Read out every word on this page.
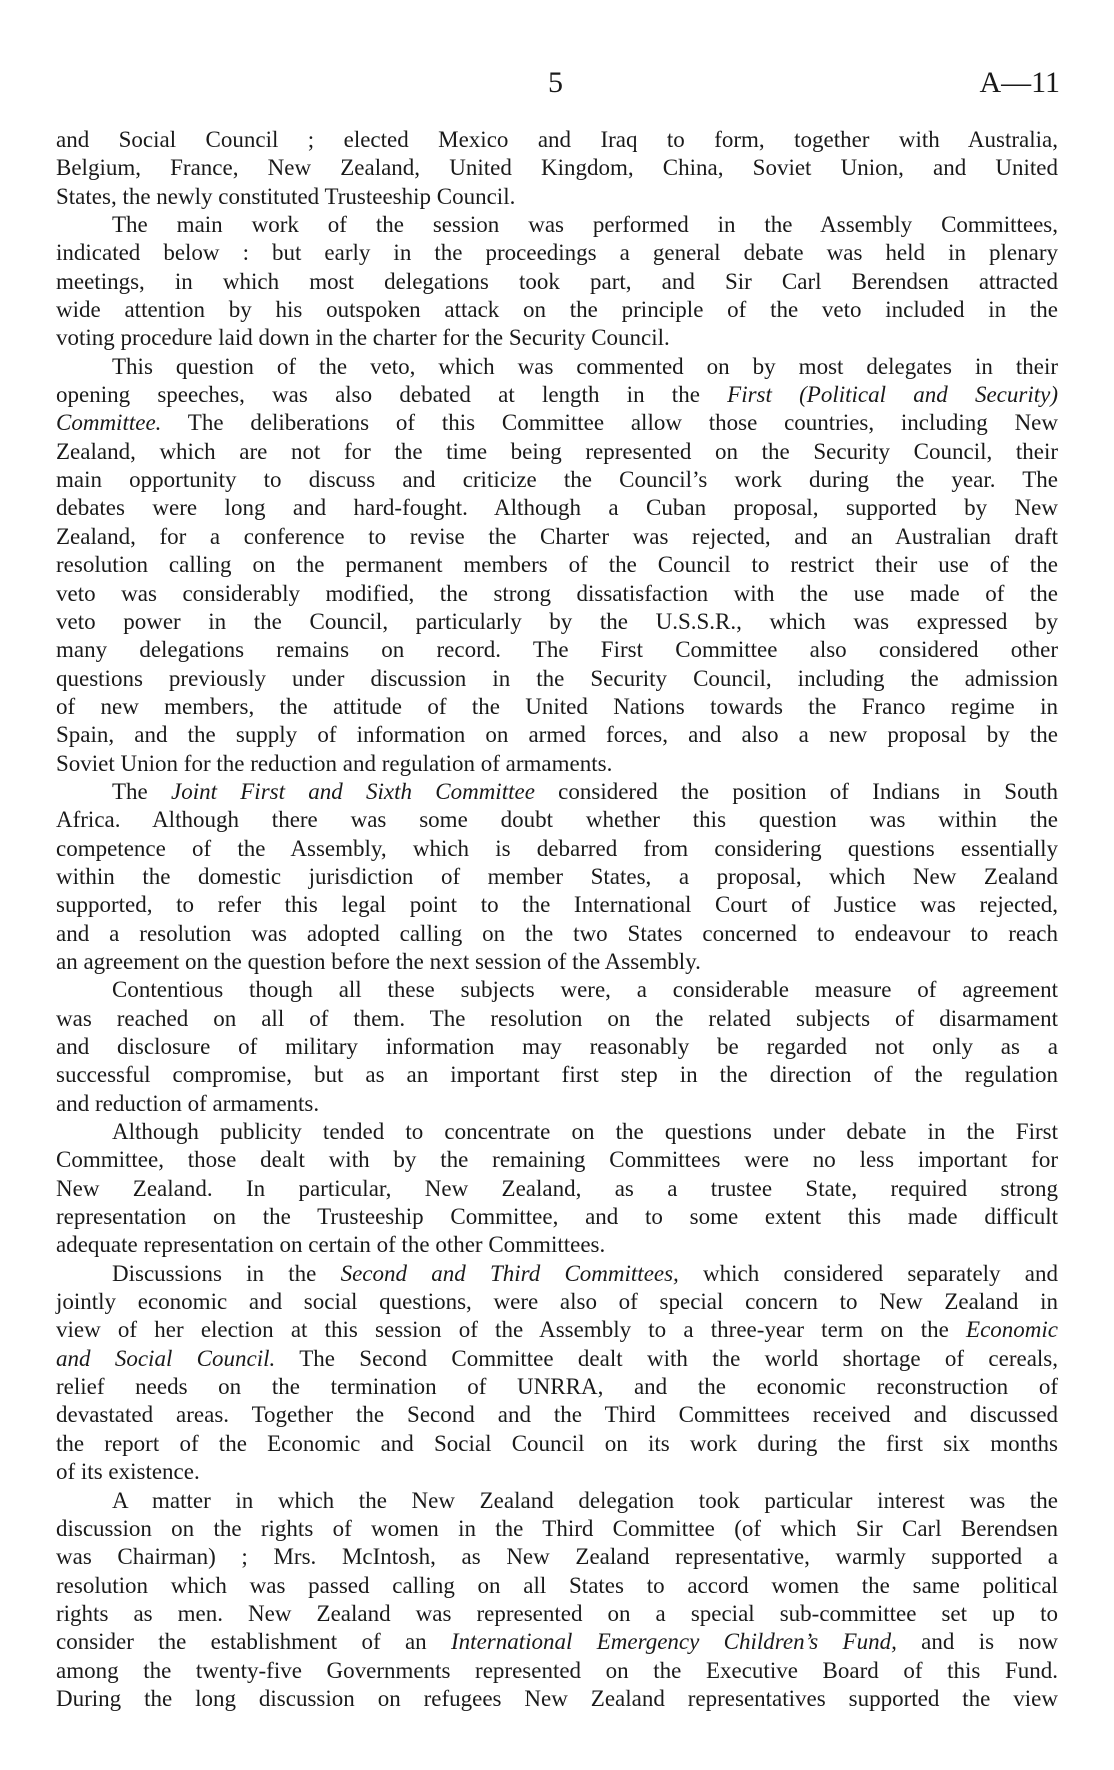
5	A—11
and Social Council ; elected Mexico and Iraq to form, together with Australia,
Belgium, France, New Zealand, United Kingdom, China, Soviet Union, and United
States, the newly constituted Trusteeship Council.
The main work of the session was performed in the Assembly Committees,
indicated below : but early in the proceedings a general debate was held in plenary
meetings, in which most delegations took part, and Sir Carl Berendsen attracted
wide attention by his outspoken attack on the principle of the veto included in the
voting procedure laid down in the charter for the Security Council.
This question of the veto, which was commented on by most delegates in their
opening speeches, was also debated at length in the First (Political and Security)
Committee. The deliberations of this Committee allow those countries, including New
Zealand, which are not for the time being represented on the Security Council, their
main opportunity to discuss and criticize the Council’s work during the year. The
debates were long and hard-fought. Although a Cuban proposal, supported by New
Zealand, for a conference to revise the Charter was rejected, and an Australian draft
resolution calling on the permanent members of the Council to restrict their use of the
veto was considerably modified, the strong dissatisfaction with the use made of the
veto power in the Council, particularly by the U.S.S.R., which was expressed by
many delegations remains on record. The First Committee also considered other
questions previously under discussion in the Security Council, including the admission
of new members, the attitude of the United Nations towards the Franco regime in
Spain, and the supply of information on armed forces, and also a new proposal by the
Soviet Union for the reduction and regulation of armaments.
The Joint First and Sixth Committee considered the position of Indians in South
Africa. Although there was some doubt whether this question was within the
competence of the Assembly, which is debarred from considering questions essentially
within the domestic jurisdiction of member States, a proposal, which New Zealand
supported, to refer this legal point to the International Court of Justice was rejected,
and a resolution was adopted calling on the two States concerned to endeavour to reach
an agreement on the question before the next session of the Assembly.
Contentious though all these subjects were, a considerable measure of agreement
was reached on all of them. The resolution on the related subjects of disarmament
and disclosure of military information may reasonably be regarded not only as a
successful compromise, but as an important first step in the direction of the regulation
and reduction of armaments.
Although publicity tended to concentrate on the questions under debate in the First
Committee, those dealt with by the remaining Committees were no less important for
New Zealand. In particular, New Zealand, as a trustee State, required strong
representation on the Trusteeship Committee, and to some extent this made difficult
adequate representation on certain of the other Committees.
Discussions in the Second and Third Committees, which considered separately and
jointly economic and social questions, were also of special concern to New Zealand in
view of her election at this session of the Assembly to a three-year term on the Economic
and Social Council. The Second Committee dealt with the world shortage of cereals,
relief needs on the termination of UNRRA, and the economic reconstruction of
devastated areas. Together the Second and the Third Committees received and discussed
the report of the Economic and Social Council on its work during the first six months
of its existence.
A matter in which the New Zealand delegation took particular interest was the
discussion on the rights of women in the Third Committee (of which Sir Carl Berendsen
was Chairman) ; Mrs. McIntosh, as New Zealand representative, warmly supported a
resolution which was passed calling on all States to accord women the same political
rights as men. New Zealand was represented on a special sub-committee set up to
consider the establishment of an International Emergency Children’s Fund, and is now
among the twenty-five Governments represented on the Executive Board of this Fund.
During the long discussion on refugees New Zealand representatives supported the view
